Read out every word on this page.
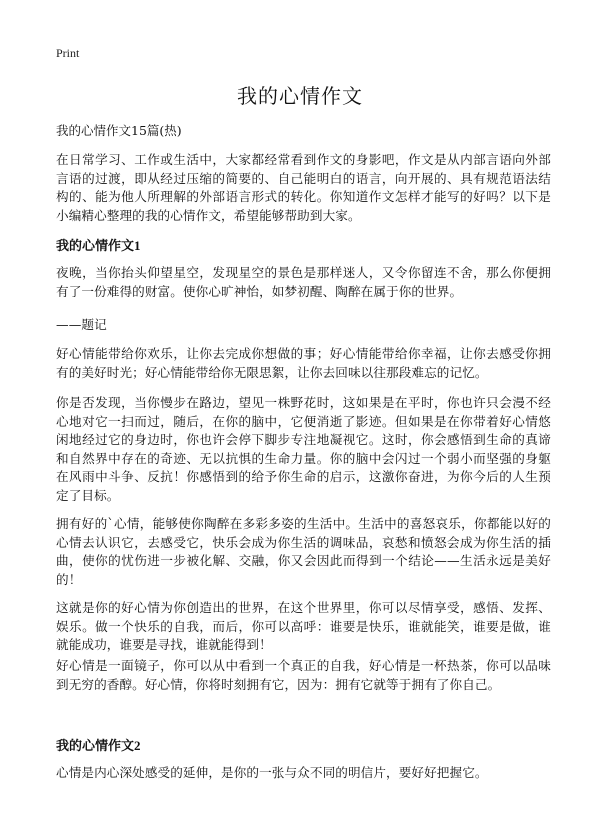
Print
我的心情作文

我的心情作文15篇(热)

在日常学习、工作或生活中，大家都经常看到作文的身影吧，作文是从内部言语向外部言语的过渡，即从经过压缩的简要的、自己能明白的语言，向开展的、具有规范语法结构的、能为他人所理解的外部语言形式的转化。你知道作文怎样才能写的好吗？以下是小编精心整理的我的心情作文，希望能够帮助到大家。

我的心情作文1

夜晚，当你抬头仰望星空，发现星空的景色是那样迷人，又令你留连不舍，那么你便拥有了一份难得的财富。使你心旷神怡，如梦初醒、陶醉在属于你的世界。

——题记

好心情能带给你欢乐，让你去完成你想做的事；好心情能带给你幸福，让你去感受你拥有的美好时光；好心情能带给你无限思絮，让你去回味以往那段难忘的记忆。

你是否发现，当你慢步在路边，望见一株野花时，这如果是在平时，你也许只会漫不经心地对它一扫而过，随后，在你的脑中，它便消逝了影迹。但如果是在你带着好心情悠闲地经过它的身边时，你也许会停下脚步专注地凝视它。这时，你会感悟到生命的真谛和自然界中存在的奇迹、无以抗惧的生命力量。你的脑中会闪过一个弱小而坚强的身躯在风雨中斗争、反抗！你感悟到的给予你生命的启示，这激你奋进，为你今后的人生预定了目标。

拥有好的`心情，能够使你陶醉在多彩多姿的生活中。生活中的喜怒哀乐，你都能以好的心情去认识它，去感受它，快乐会成为你生活的调味品，哀愁和愤怒会成为你生活的插曲，使你的忧伤进一步被化解、交融，你又会因此而得到一个结论——生活永远是美好的！

这就是你的好心情为你创造出的世界，在这个世界里，你可以尽情享受，感悟、发挥、娱乐。做一个快乐的自我，而后，你可以高呼：谁要是快乐，谁就能笑，谁要是做，谁就能成功，谁要是寻找，谁就能得到！

好心情是一面镜子，你可以从中看到一个真正的自我，好心情是一杯热茶，你可以品味到无穷的香醇。好心情，你将时刻拥有它，因为：拥有它就等于拥有了你自己。

我的心情作文2

心情是内心深处感受的延伸，是你的一张与众不同的明信片，要好好把握它。
